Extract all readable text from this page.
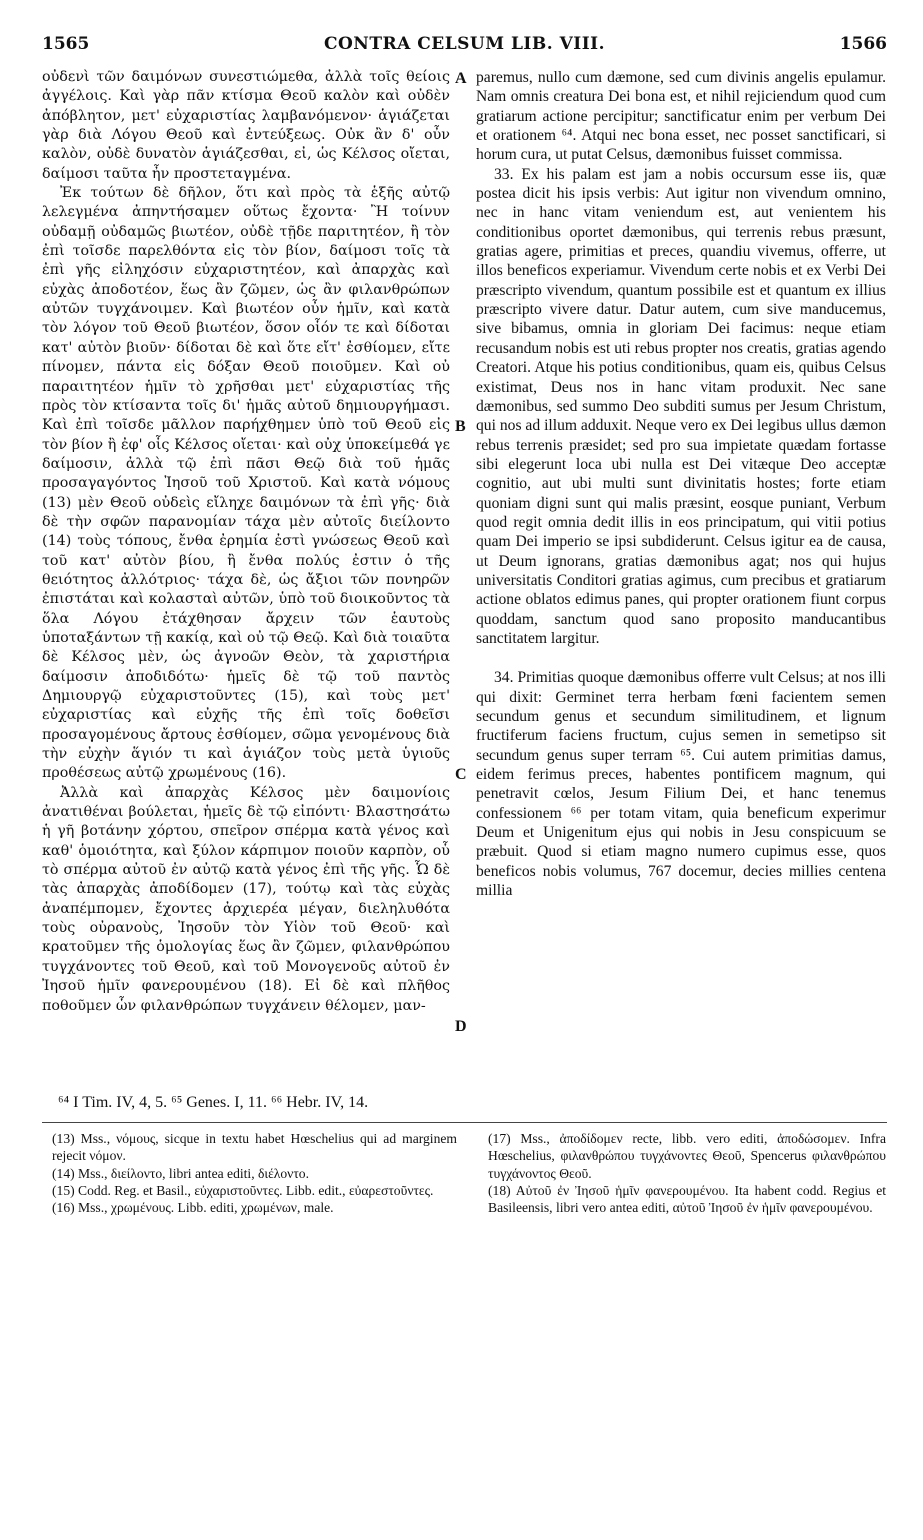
1565	CONTRA CELSUM LIB. VIII.	1566

οὐδενὶ τῶν δαιμόνων συνεστιώμεθα, ἀλλὰ τοῖς θείοις ἀγγέλοις. Καὶ γὰρ πᾶν κτίσμα Θεοῦ καλὸν καὶ οὐδὲν ἀπόβλητον, μετ' εὐχαριστίας λαμβανόμενον· ἁγιάζεται γὰρ διὰ Λόγου Θεοῦ καὶ ἐντεύξεως. Οὐκ ἂν δ' οὖν καλὸν, οὐδὲ δυνατὸν ἁγιάζεσθαι, εἰ, ὡς Κέλσος οἴεται, δαίμοσι ταῦτα ἦν προστεταγμένα.

Ἐκ τούτων δὲ δῆλον, ὅτι καὶ πρὸς τὰ ἑξῆς αὐτῷ λελεγμένα ἀπηντήσαμεν οὕτως ἔχοντα· Ἢ τοίνυν οὐδαμῇ οὐδαμῶς βιωτέον, οὐδὲ τῇδε παριτητέον, ἢ τὸν ἐπὶ τοῖσδε παρελθόντα εἰς τὸν βίον, δαίμοσι τοῖς τὰ ἐπὶ γῆς εἰληχόσιν εὐχαριστητέον, καὶ ἀπαρχὰς καὶ εὐχὰς ἀποδοτέον, ἕως ἂν ζῶμεν, ὡς ἂν φιλανθρώπων αὐτῶν τυγχάνοιμεν. Καὶ βιωτέον οὖν ἡμῖν, καὶ κατὰ τὸν λόγον τοῦ Θεοῦ βιωτέον, ὅσον οἷόν τε καὶ δίδοται κατ' αὐτὸν βιοῦν· δίδοται δὲ καὶ ὅτε εἴτ' ἐσθίομεν, εἴτε πίνομεν, πάντα εἰς δόξαν Θεοῦ ποιοῦμεν. Καὶ οὐ παραιτητέον ἡμῖν τὸ χρῆσθαι μετ' εὐχαριστίας τῆς πρὸς τὸν κτίσαντα τοῖς δι' ἡμᾶς αὐτοῦ δημιουργήμασι. Καὶ ἐπὶ τοῖσδε μᾶλλον παρήχθημεν ὑπὸ τοῦ Θεοῦ εἰς τὸν βίον ἢ ἐφ' οἷς Κέλσος οἴεται· καὶ οὐχ ὑποκείμεθά γε δαίμοσιν, ἀλλὰ τῷ ἐπὶ πᾶσι Θεῷ διὰ τοῦ ἡμᾶς προσαγαγόντος Ἰησοῦ τοῦ Χριστοῦ. Καὶ κατὰ νόμους (13) μὲν Θεοῦ οὐδεὶς εἴληχε δαιμόνων τὰ ἐπὶ γῆς· διὰ δὲ τὴν σφῶν παρανομίαν τάχα μὲν αὐτοῖς διείλοντο (14) τοὺς τόπους, ἔνθα ἐρημία ἐστὶ γνώσεως Θεοῦ καὶ τοῦ κατ' αὐτὸν βίου, ἢ ἔνθα πολύς ἐστιν ὁ τῆς θειότητος ἀλλότριος· τάχα δὲ, ὡς ἄξιοι τῶν πονηρῶν ἐπιστάται καὶ κολασταὶ αὐτῶν, ὑπὸ τοῦ διοικοῦντος τὰ ὅλα Λόγου ἐτάχθησαν ἄρχειν τῶν ἑαυτοὺς ὑποταξάντων τῇ κακίᾳ, καὶ οὐ τῷ Θεῷ. Καὶ διὰ τοιαῦτα δὲ Κέλσος μὲν, ὡς ἀγνοῶν Θεὸν, τὰ χαριστήρια δαίμοσιν ἀποδιδότω· ἡμεῖς δὲ τῷ τοῦ παντὸς Δημιουργῷ εὐχαριστοῦντες (15), καὶ τοὺς μετ' εὐχαριστίας καὶ εὐχῆς τῆς ἐπὶ τοῖς δοθεῖσι προσαγομένους ἄρτους ἐσθίομεν, σῶμα γενομένους διὰ τὴν εὐχὴν ἅγιόν τι καὶ ἁγιάζον τοὺς μετὰ ὑγιοῦς προθέσεως αὐτῷ χρωμένους (16).

Ἀλλὰ καὶ ἀπαρχὰς Κέλσος μὲν δαιμονίοις ἀνατιθέναι βούλεται, ἡμεῖς δὲ τῷ εἰπόντι· Βλαστησάτω ἡ γῆ βοτάνην χόρτου, σπεῖρον σπέρμα κατὰ γένος καὶ καθ' ὁμοιότητα, καὶ ξύλον κάρπιμον ποιοῦν καρπὸν, οὗ τὸ σπέρμα αὐτοῦ ἐν αὐτῷ κατὰ γένος ἐπὶ τῆς γῆς. Ὧ δὲ τὰς ἀπαρχὰς ἀποδίδομεν (17), τούτῳ καὶ τὰς εὐχὰς ἀναπέμπομεν, ἔχοντες ἀρχιερέα μέγαν, διεληλυθότα τοὺς οὐρανοὺς, Ἰησοῦν τὸν Υἱὸν τοῦ Θεοῦ· καὶ κρατοῦμεν τῆς ὁμολογίας ἕως ἂν ζῶμεν, φιλανθρώπου τυγχάνοντες τοῦ Θεοῦ, καὶ τοῦ Μονογενοῦς αὐτοῦ ἐν Ἰησοῦ ἡμῖν φανερουμένου (18). Εἰ δὲ καὶ πλῆθος ποθοῦμεν ὧν φιλανθρώπων τυγχάνειν θέλομεν, μαν-

A
B
C
D

paremus, nullo cum dæmone, sed cum divinis angelis epulamur. Nam omnis creatura Dei bona est, et nihil rejiciendum quod cum gratiarum actione percipitur; sanctificatur enim per verbum Dei et orationem ⁶⁴. Atqui nec bona esset, nec posset sanctificari, si horum cura, ut putat Celsus, dæmonibus fuisset commissa.

33. Ex his palam est jam a nobis occursum esse iis, quæ postea dicit his ipsis verbis: Aut igitur non vivendum omnino, nec in hanc vitam veniendum est, aut venientem his conditionibus oportet dæmonibus, qui terrenis rebus præsunt, gratias agere, primitias et preces, quandiu vivemus, offerre, ut illos beneficos experiamur. Vivendum certe nobis et ex Verbi Dei præscripto vivendum, quantum possibile est et quantum ex illius præscripto vivere datur. Datur autem, cum sive manducemus, sive bibamus, omnia in gloriam Dei facimus: neque etiam recusandum nobis est uti rebus propter nos creatis, gratias agendo Creatori. Atque his potius conditionibus, quam eis, quibus Celsus existimat, Deus nos in hanc vitam produxit. Nec sane dæmonibus, sed summo Deo subditi sumus per Jesum Christum, qui nos ad illum adduxit. Neque vero ex Dei legibus ullus dæmon rebus terrenis præsidet; sed pro sua impietate quædam fortasse sibi elegerunt loca ubi nulla est Dei vitæque Deo acceptæ cognitio, aut ubi multi sunt divinitatis hostes; forte etiam quoniam digni sunt qui malis præsint, eosque puniant, Verbum quod regit omnia dedit illis in eos principatum, qui vitii potius quam Dei imperio se ipsi subdiderunt. Celsus igitur ea de causa, ut Deum ignorans, gratias dæmonibus agat; nos qui hujus universitatis Conditori gratias agimus, cum precibus et gratiarum actione oblatos edimus panes, qui propter orationem fiunt corpus quoddam, sanctum quod sano proposito manducantibus sanctitatem largitur.

34. Primitias quoque dæmonibus offerre vult Celsus; at nos illi qui dixit: Germinet terra herbam fœni facientem semen secundum genus et secundum similitudinem, et lignum fructiferum faciens fructum, cujus semen in semetipso sit secundum genus super terram ⁶⁵. Cui autem primitias damus, eidem ferimus preces, habentes pontificem magnum, qui penetravit cœlos, Jesum Filium Dei, et hanc tenemus confessionem ⁶⁶ per totam vitam, quia beneficum experimur Deum et Unigenitum ejus qui nobis in Jesu conspicuum se præbuit. Quod si etiam magno numero cupimus esse, quos beneficos nobis volumus, 767 docemur, decies millies centena millia

⁶⁴ I Tim. IV, 4, 5. ⁶⁵ Genes. I, 11. ⁶⁶ Hebr. IV, 14.

(13) Mss., νόμους, sicque in textu habet Hœschelius qui ad marginem rejecit νόμον.

(14) Mss., διείλοντο, libri antea editi, διέλοντο.

(15) Codd. Reg. et Basil., εὐχαριστοῦντες. Libb. edit., εὐαρεστοῦντες.

(16) Mss., χρωμένους. Libb. editi, χρωμένων, male.

(17) Mss., ἀποδίδομεν recte, libb. vero editi, ἀποδώσομεν. Infra Hœschelius, φιλανθρώπου τυγχάνοντες Θεοῦ, Spencerus φιλανθρώπου τυγχάνοντος Θεοῦ.

(18) Αὐτοῦ ἐν Ἰησοῦ ἡμῖν φανερουμένου. Ita habent codd. Regius et Basileensis, libri vero antea editi, αὐτοῦ Ἰησοῦ ἐν ἡμῖν φανερουμένου.
